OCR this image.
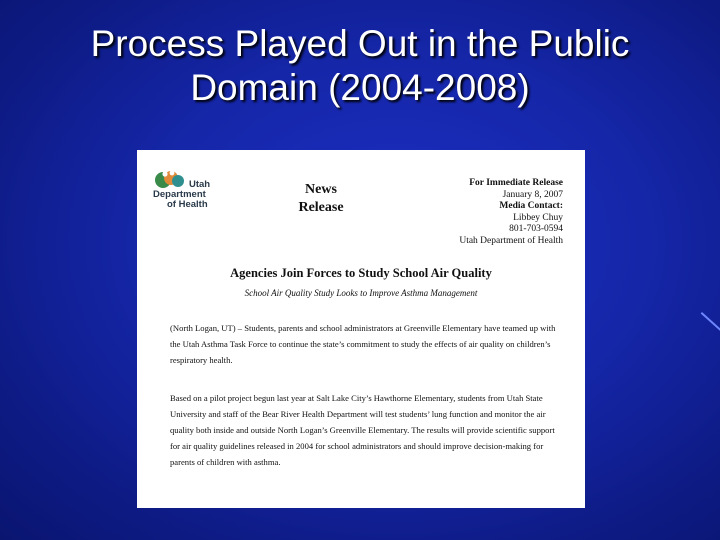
Process Played Out in the Public
Domain (2004-2008)
Utah
Department
of Health
News
Release
For Immediate Release
January 8, 2007
Media Contact:
Libbey Chuy
801-703-0594
Utah Department of Health
Agencies Join Forces to Study School Air Quality
School Air Quality Study Looks to Improve Asthma Management
(North Logan, UT) – Students, parents and school administrators at Greenville Elementary have teamed up with the Utah Asthma Task Force to continue the state’s commitment to study the effects of air quality on children’s respiratory health.
Based on a pilot project begun last year at Salt Lake City’s Hawthorne Elementary, students from Utah State University and staff of the Bear River Health Department will test students’ lung function and monitor the air quality both inside and outside North Logan’s Greenville Elementary. The results will provide scientific support for air quality guidelines released in 2004 for school administrators and should improve decision-making for parents of children with asthma.
